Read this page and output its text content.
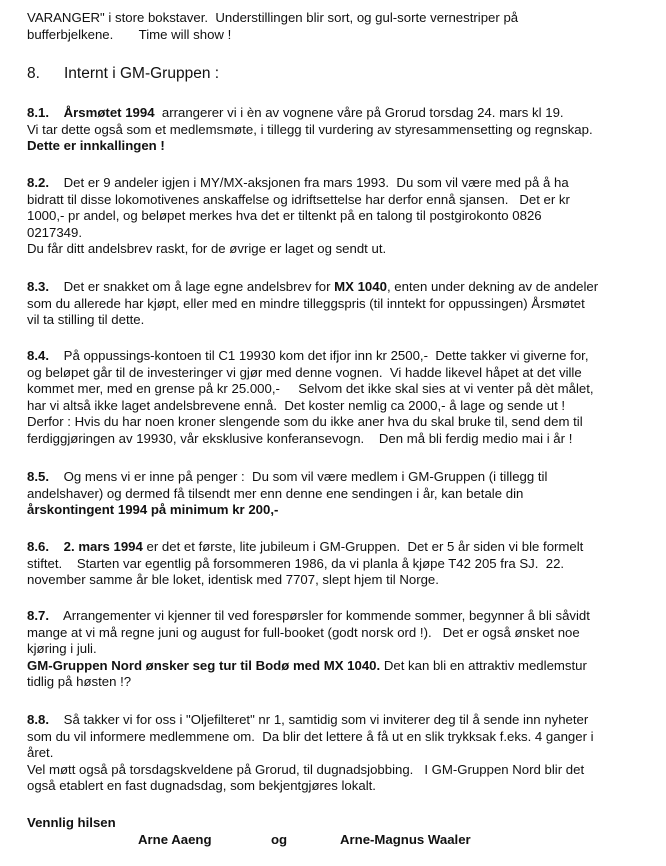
VARANGER" i store bokstaver.  Understillingen blir sort, og gul-sorte vernestriper på
bufferbjelkene.       Time will show !
8. Internt i GM-Gruppen :
8.1. Årsmøtet 1994  arrangerer vi i èn av vognene våre på Grorud torsdag 24. mars kl 19.
Vi tar dette også som et medlemsmøte, i tillegg til vurdering av styresammensetting og regnskap.
Dette er innkallingen !
8.2. Det er 9 andeler igjen i MY/MX-aksjonen fra mars 1993.  Du som vil være med på å ha
bidratt til disse lokomotivenes anskaffelse og idriftsettelse har derfor ennå sjansen.   Det er kr
1000,- pr andel, og beløpet merkes hva det er tiltenkt på en talong til postgirokonto 0826
0217349.
Du får ditt andelsbrev raskt, for de øvrige er laget og sendt ut.
8.3. Det er snakket om å lage egne andelsbrev for MX 1040, enten under dekning av de andeler
som du allerede har kjøpt, eller med en mindre tilleggspris (til inntekt for oppussingen) Årsmøtet
vil ta stilling til dette.
8.4. På oppussings-kontoen til C1 19930 kom det ifjor inn kr 2500,-  Dette takker vi giverne for,
og beløpet går til de investeringer vi gjør med denne vognen.  Vi hadde likevel håpet at det ville
kommet mer, med en grense på kr 25.000,-     Selvom det ikke skal sies at vi venter på dèt målet,
har vi altså ikke laget andelsbrevene ennå.  Det koster nemlig ca 2000,- å lage og sende ut !
Derfor : Hvis du har noen kroner slengende som du ikke aner hva du skal bruke til, send dem til
ferdiggjøringen av 19930, vår eksklusive konferansevogn.    Den må bli ferdig medio mai i år !
8.5. Og mens vi er inne på penger :  Du som vil være medlem i GM-Gruppen (i tillegg til
andelshaver) og dermed få tilsendt mer enn denne ene sendingen i år, kan betale din
årskontingent 1994 på minimum kr 200,-
8.6. 2. mars 1994 er det et første, lite jubileum i GM-Gruppen.  Det er 5 år siden vi ble formelt
stiftet.    Starten var egentlig på forsommeren 1986, da vi planla å kjøpe T42 205 fra SJ.  22.
november samme år ble loket, identisk med 7707, slept hjem til Norge.
8.7. Arrangementer vi kjenner til ved forespørsler for kommende sommer, begynner å bli såvidt
mange at vi må regne juni og august for full-booket (godt norsk ord !).   Det er også ønsket noe
kjøring i juli.
GM-Gruppen Nord ønsker seg tur til Bodø med MX 1040. Det kan bli en attraktiv medlemstur
tidlig på høsten !?
8.8. Så takker vi for oss i "Oljefilteret" nr 1, samtidig som vi inviterer deg til å sende inn nyheter
som du vil informere medlemmene om.  Da blir det lettere å få ut en slik trykksak f.eks. 4 ganger i
året.
Vel møtt også på torsdagskveldene på Grorud, til dugnadsjobbing.   I GM-Gruppen Nord blir det
også etablert en fast dugnadsdag, som bekjentgjøres lokalt.
Vennlig hilsen
Arne Aaeng	og	Arne-Magnus Waaler
